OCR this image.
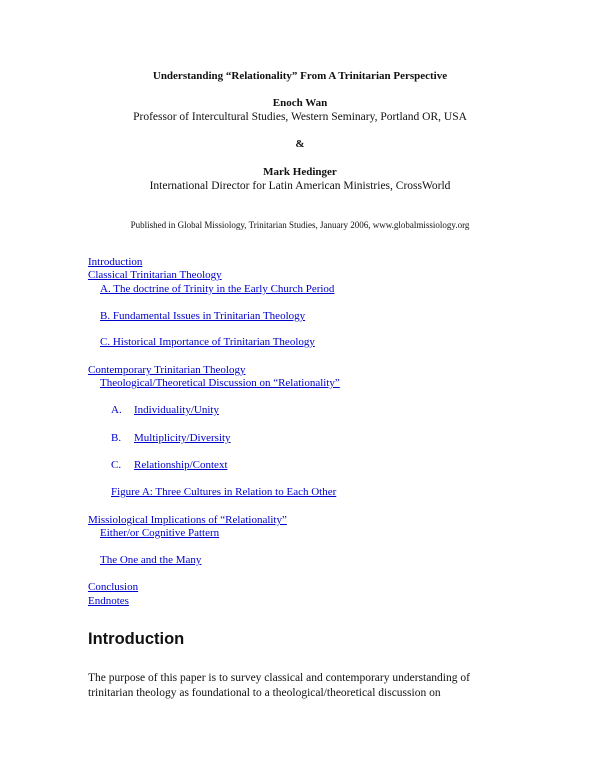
Understanding “Relationality” From A Trinitarian Perspective
Enoch Wan
Professor of Intercultural Studies, Western Seminary, Portland OR, USA
&
Mark Hedinger
International Director for Latin American Ministries, CrossWorld
Published in Global Missiology, Trinitarian Studies, January 2006, www.globalmissiology.org
Introduction
Classical Trinitarian Theology
A. The doctrine of Trinity in the Early Church Period
B. Fundamental Issues in Trinitarian Theology
C. Historical Importance of Trinitarian Theology
Contemporary Trinitarian Theology
Theological/Theoretical Discussion on “Relationality”
A. Individuality/Unity
B. Multiplicity/Diversity
C. Relationship/Context
Figure A: Three Cultures in Relation to Each Other
Missiological Implications of “Relationality”
Either/or Cognitive Pattern
The One and the Many
Conclusion
Endnotes
Introduction
The purpose of this paper is to survey classical and contemporary understanding of
trinitarian theology as foundational to a theological/theoretical discussion on
